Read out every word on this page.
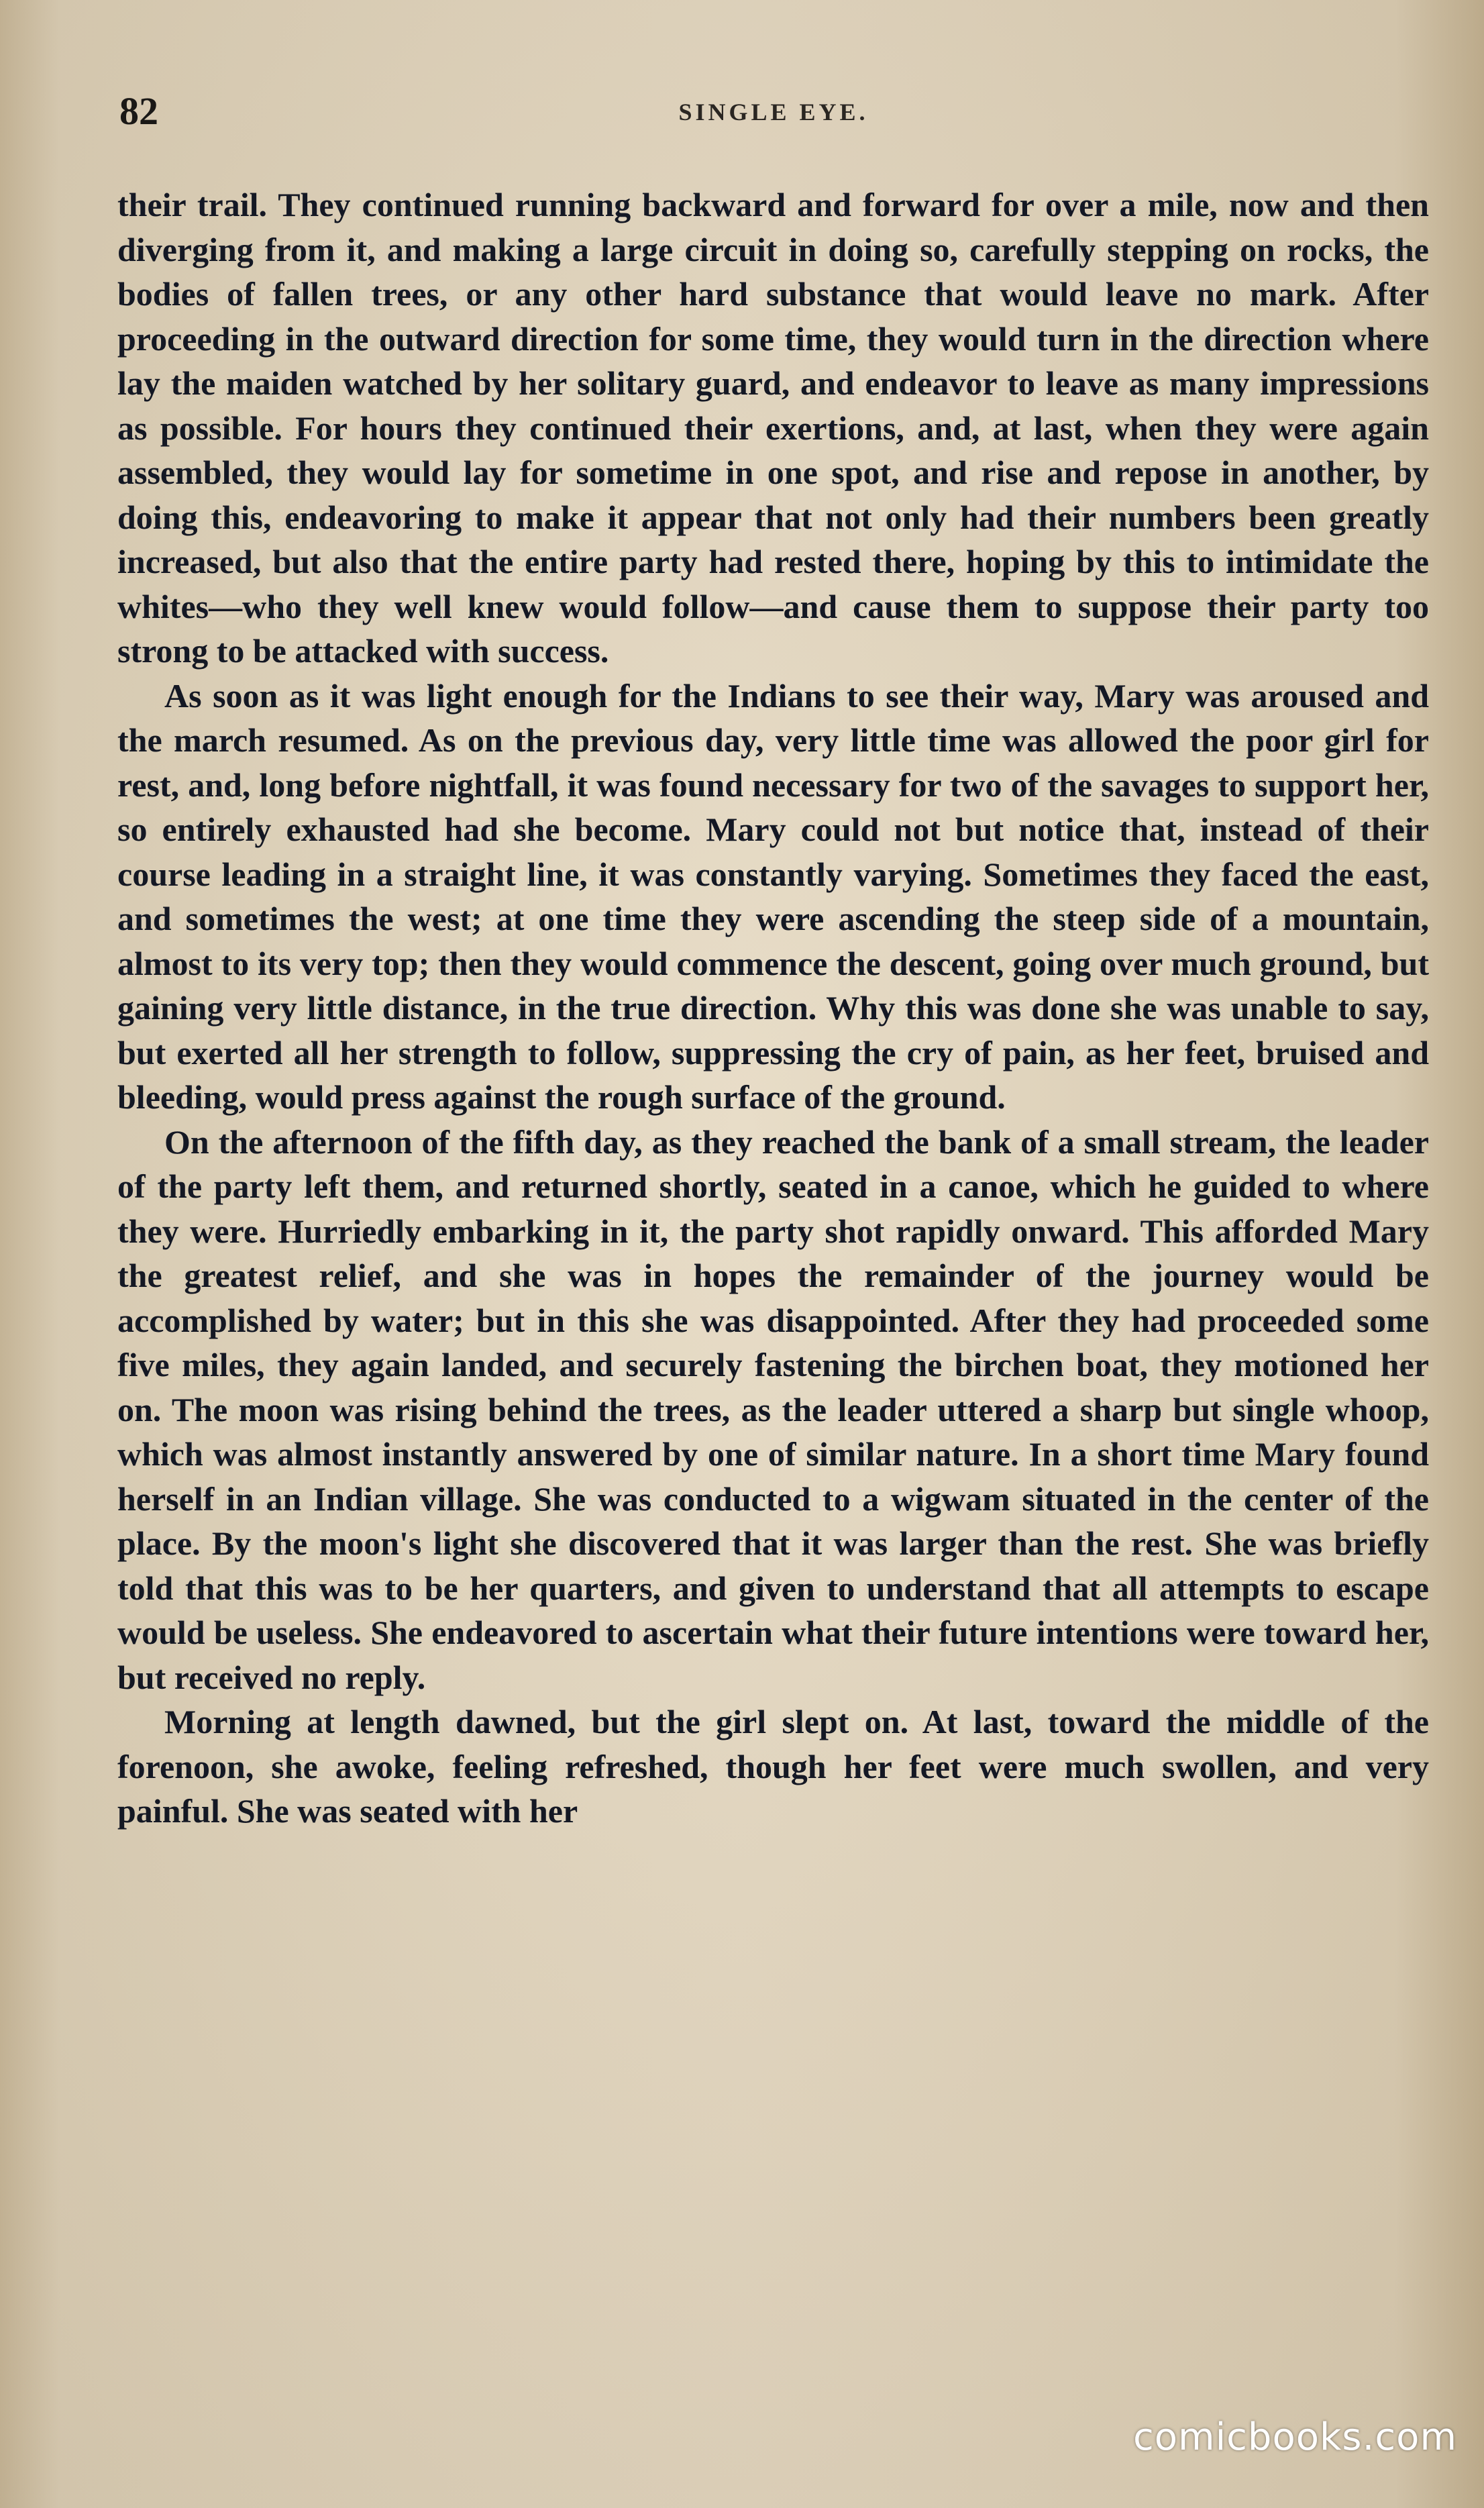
82	SINGLE EYE.

their trail. They continued running backward and forward for over a mile, now and then diverging from it, and making a large circuit in doing so, carefully stepping on rocks, the bodies of fallen trees, or any other hard substance that would leave no mark. After proceeding in the outward direction for some time, they would turn in the direction where lay the maiden watched by her solitary guard, and endeavor to leave as many impressions as possible. For hours they continued their exertions, and, at last, when they were again assembled, they would lay for sometime in one spot, and rise and repose in another, by doing this, endeavoring to make it appear that not only had their numbers been greatly increased, but also that the entire party had rested there, hoping by this to intimidate the whites—who they well knew would follow—and cause them to suppose their party too strong to be attacked with success.

As soon as it was light enough for the Indians to see their way, Mary was aroused and the march resumed. As on the previous day, very little time was allowed the poor girl for rest, and, long before nightfall, it was found necessary for two of the savages to support her, so entirely exhausted had she become. Mary could not but notice that, instead of their course leading in a straight line, it was constantly varying. Sometimes they faced the east, and sometimes the west; at one time they were ascending the steep side of a mountain, almost to its very top; then they would commence the descent, going over much ground, but gaining very little distance, in the true direction. Why this was done she was unable to say, but exerted all her strength to follow, suppressing the cry of pain, as her feet, bruised and bleeding, would press against the rough surface of the ground.

On the afternoon of the fifth day, as they reached the bank of a small stream, the leader of the party left them, and returned shortly, seated in a canoe, which he guided to where they were. Hurriedly embarking in it, the party shot rapidly onward. This afforded Mary the greatest relief, and she was in hopes the remainder of the journey would be accomplished by water; but in this she was disappointed. After they had proceeded some five miles, they again landed, and securely fastening the birchen boat, they motioned her on. The moon was rising behind the trees, as the leader uttered a sharp but single whoop, which was almost instantly answered by one of similar nature. In a short time Mary found herself in an Indian village. She was conducted to a wigwam situated in the center of the place. By the moon's light she discovered that it was larger than the rest. She was briefly told that this was to be her quarters, and given to understand that all attempts to escape would be useless. She endeavored to ascertain what their future intentions were toward her, but received no reply.

Morning at length dawned, but the girl slept on. At last, toward the middle of the forenoon, she awoke, feeling refreshed, though her feet were much swollen, and very painful. She was seated with her

comicbooks.com
